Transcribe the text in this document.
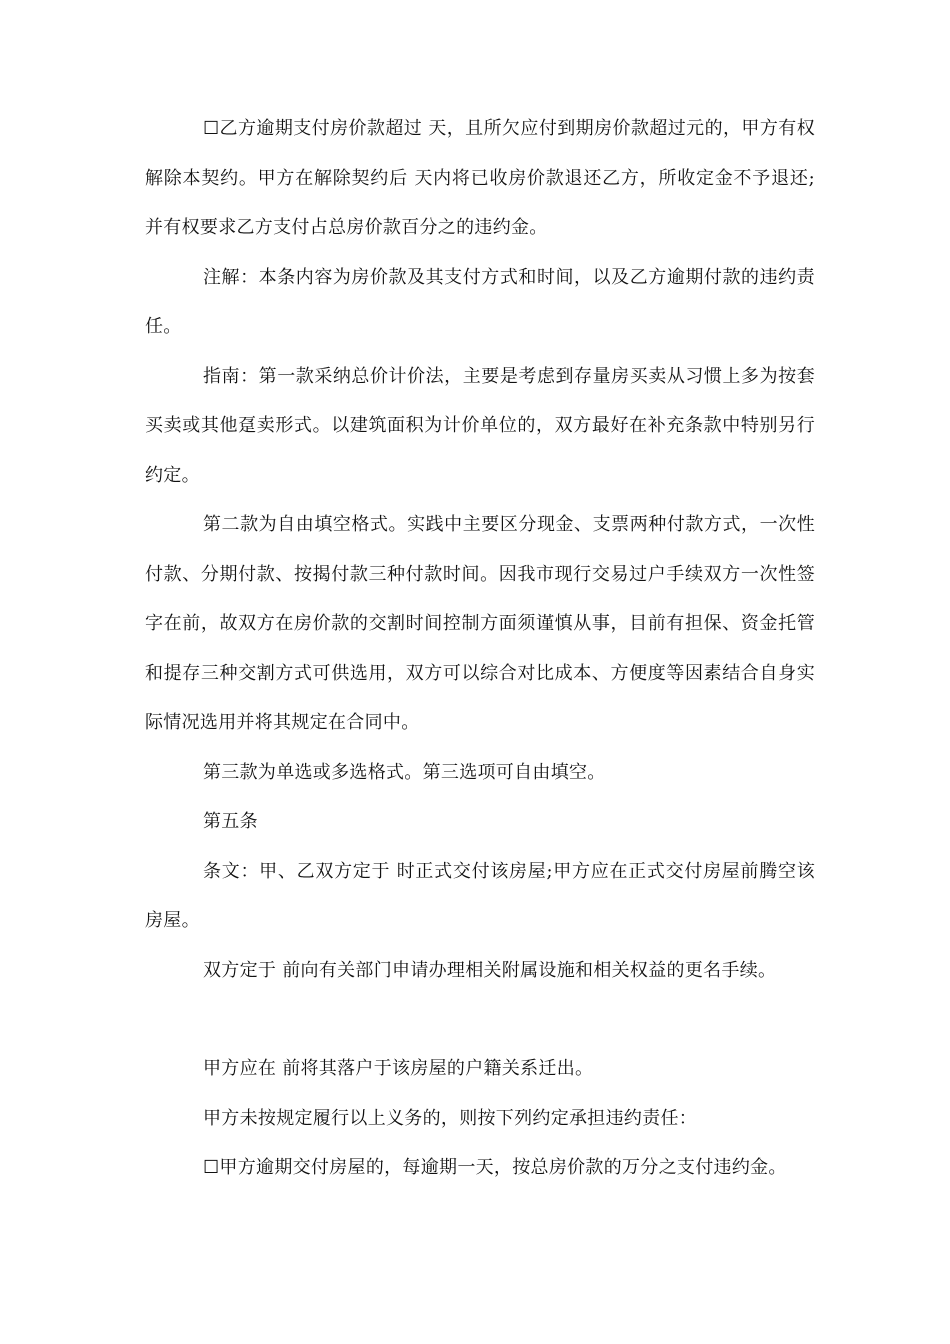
☐乙方逾期支付房价款超过 天，且所欠应付到期房价款超过元的，甲方有权解除本契约。甲方在解除契约后 天内将已收房价款退还乙方，所收定金不予退还;并有权要求乙方支付占总房价款百分之的违约金。

注解：本条内容为房价款及其支付方式和时间，以及乙方逾期付款的违约责任。

指南：第一款采纳总价计价法，主要是考虑到存量房买卖从习惯上多为按套买卖或其他趸卖形式。以建筑面积为计价单位的，双方最好在补充条款中特别另行约定。

第二款为自由填空格式。实践中主要区分现金、支票两种付款方式，一次性付款、分期付款、按揭付款三种付款时间。因我市现行交易过户手续双方一次性签字在前，故双方在房价款的交割时间控制方面须谨慎从事，目前有担保、资金托管和提存三种交割方式可供选用，双方可以综合对比成本、方便度等因素结合自身实际情况选用并将其规定在合同中。

第三款为单选或多选格式。第三选项可自由填空。

第五条

条文：甲、乙双方定于 时正式交付该房屋;甲方应在正式交付房屋前腾空该房屋。

双方定于 前向有关部门申请办理相关附属设施和相关权益的更名手续。

甲方应在 前将其落户于该房屋的户籍关系迁出。

甲方未按规定履行以上义务的，则按下列约定承担违约责任：

☐甲方逾期交付房屋的，每逾期一天，按总房价款的万分之支付违约金。
